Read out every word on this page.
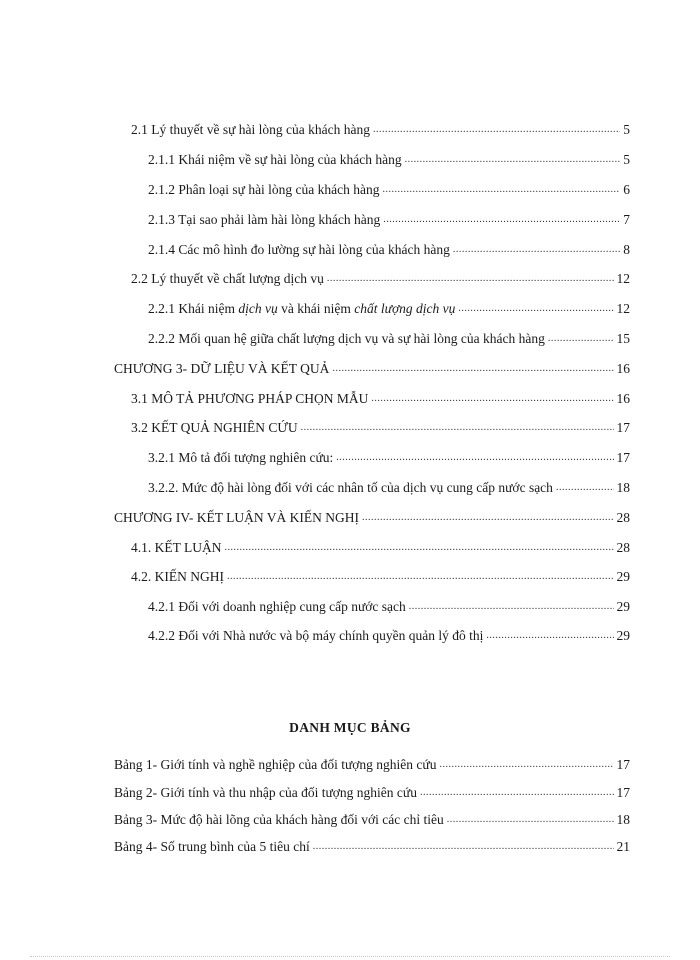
2.1 Lý thuyết về sự hài lòng của khách hàng .....	5
2.1.1 Khái niệm về sự hài lòng của khách hàng .....	5
2.1.2 Phân loại sự hài lòng của khách hàng .....	6
2.1.3 Tại sao phải làm hài lòng khách hàng .....	7
2.1.4 Các mô hình đo lường sự hài lòng của khách hàng .....	8
2.2 Lý thuyết về chất lượng dịch vụ .....	12
2.2.1 Khái niệm dịch vụ và khái niệm chất lượng dịch vụ .....	12
2.2.2 Mối quan hệ giữa chất lượng dịch vụ và sự hài lòng của khách hàng .....	15
CHƯƠNG 3- DỮ LIỆU VÀ KẾT QUẢ .....	16
3.1 MÔ TẢ PHƯƠNG PHÁP CHỌN MẪU .....	16
3.2 KẾT QUẢ NGHIÊN CỨU .....	17
3.2.1 Mô tả đối tượng nghiên cứu: .....	17
3.2.2. Mức độ hài lòng đối với các nhân tố của dịch vụ cung cấp nước sạch .....	18
CHƯƠNG IV- KẾT LUẬN VÀ KIẾN NGHỊ .....	28
4.1. KẾT LUẬN .....	28
4.2. KIẾN NGHỊ .....	29
4.2.1 Đối với doanh nghiệp cung cấp nước sạch .....	29
4.2.2 Đối với Nhà nước và bộ máy chính quyền quản lý đô thị .....	29
DANH MỤC BẢNG
Bảng 1- Giới tính và nghề nghiệp của đối tượng nghiên cứu .....	17
Bảng 2- Giới tính và thu nhập của đối tượng nghiên cứu .....	17
Bảng 3- Mức độ hài lõng của khách hàng đối với các chỉ tiêu .....	18
Bảng 4- Số trung bình của 5 tiêu chí .....	21
